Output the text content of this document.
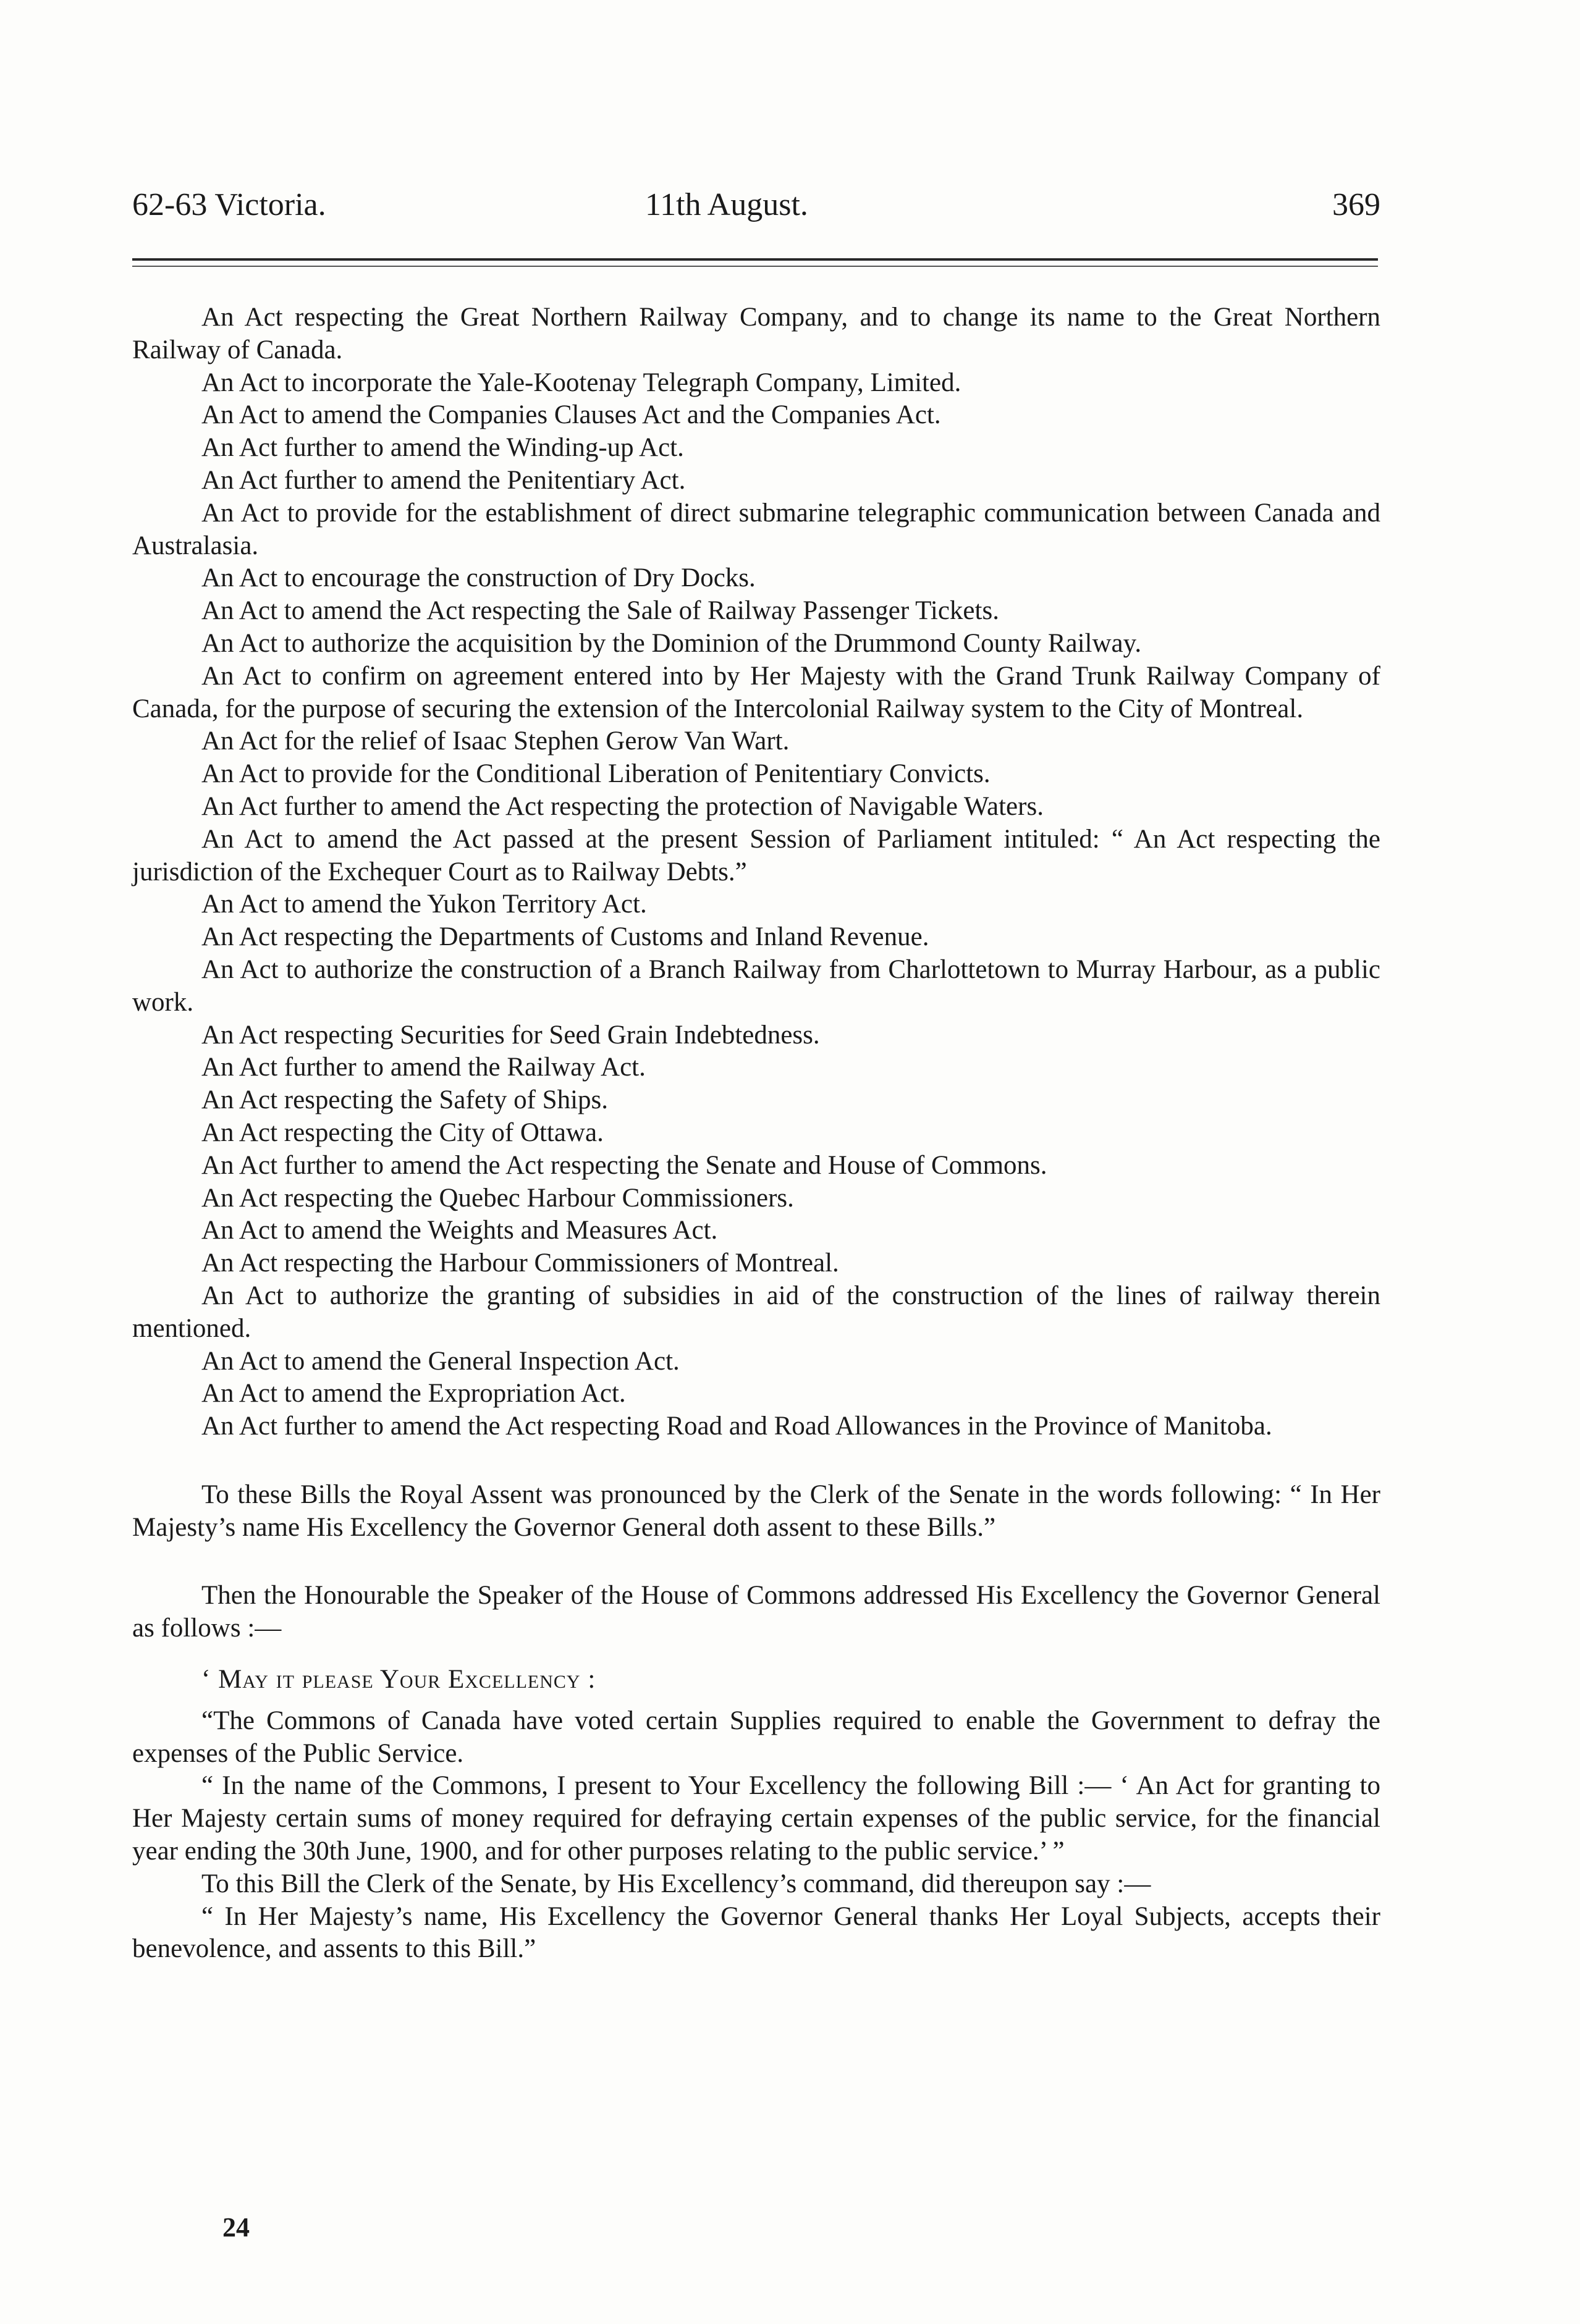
62-63 Victoria.	11th August.	369

An Act respecting the Great Northern Railway Company, and to change its name to the Great Northern Railway of Canada.

An Act to incorporate the Yale-Kootenay Telegraph Company, Limited.

An Act to amend the Companies Clauses Act and the Companies Act.

An Act further to amend the Winding-up Act.

An Act further to amend the Penitentiary Act.

An Act to provide for the establishment of direct submarine telegraphic communication between Canada and Australasia.

An Act to encourage the construction of Dry Docks.

An Act to amend the Act respecting the Sale of Railway Passenger Tickets.

An Act to authorize the acquisition by the Dominion of the Drummond County Railway.

An Act to confirm on agreement entered into by Her Majesty with the Grand Trunk Railway Company of Canada, for the purpose of securing the extension of the Intercolonial Railway system to the City of Montreal.

An Act for the relief of Isaac Stephen Gerow Van Wart.

An Act to provide for the Conditional Liberation of Penitentiary Convicts.

An Act further to amend the Act respecting the protection of Navigable Waters.

An Act to amend the Act passed at the present Session of Parliament intituled: “ An Act respecting the jurisdiction of the Exchequer Court as to Railway Debts.”

An Act to amend the Yukon Territory Act.

An Act respecting the Departments of Customs and Inland Revenue.

An Act to authorize the construction of a Branch Railway from Charlottetown to Murray Harbour, as a public work.

An Act respecting Securities for Seed Grain Indebtedness.

An Act further to amend the Railway Act.

An Act respecting the Safety of Ships.

An Act respecting the City of Ottawa.

An Act further to amend the Act respecting the Senate and House of Commons.

An Act respecting the Quebec Harbour Commissioners.

An Act to amend the Weights and Measures Act.

An Act respecting the Harbour Commissioners of Montreal.

An Act to authorize the granting of subsidies in aid of the construction of the lines of railway therein mentioned.

An Act to amend the General Inspection Act.

An Act to amend the Expropriation Act.

An Act further to amend the Act respecting Road and Road Allowances in the Province of Manitoba.

To these Bills the Royal Assent was pronounced by the Clerk of the Senate in the words following: “ In Her Majesty’s name His Excellency the Governor General doth assent to these Bills.”

Then the Honourable the Speaker of the House of Commons addressed His Excellency the Governor General as follows :—

‘ May it please Your Excellency :

“The Commons of Canada have voted certain Supplies required to enable the Government to defray the expenses of the Public Service.

“ In the name of the Commons, I present to Your Excellency the following Bill :— ‘ An Act for granting to Her Majesty certain sums of money required for defraying certain expenses of the public service, for the financial year ending the 30th June, 1900, and for other purposes relating to the public service.’ ”

To this Bill the Clerk of the Senate, by His Excellency’s command, did thereupon say :—

“ In Her Majesty’s name, His Excellency the Governor General thanks Her Loyal Subjects, accepts their benevolence, and assents to this Bill.”

24
